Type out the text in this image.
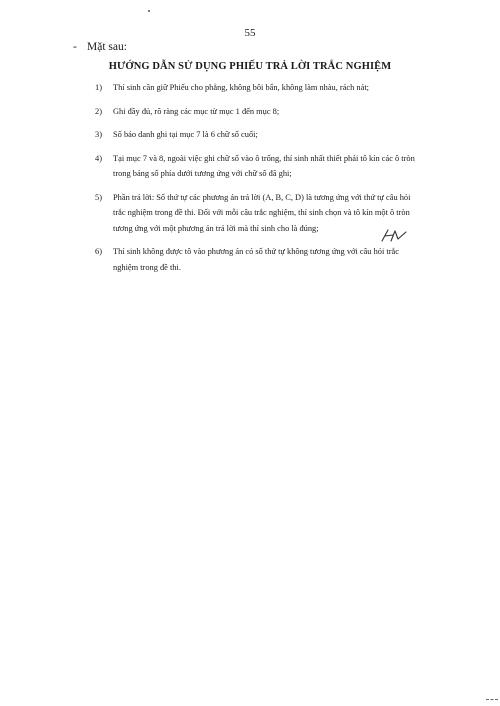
55
- Mặt sau:
HƯỚNG DẪN SỬ DỤNG PHIẾU TRẢ LỜI TRẮC NGHIỆM
1) Thí sinh cần giữ Phiếu cho phẳng, không bôi bẩn, không làm nhàu, rách nát;
2) Ghi đầy đủ, rõ ràng các mục từ mục 1 đến mục 8;
3) Số báo danh ghi tại mục 7 là 6 chữ số cuối;
4) Tại mục 7 và 8, ngoài việc ghi chữ số vào ô trống, thí sinh nhất thiết phải tô kín các ô tròn trong bảng số phía dưới tương ứng với chữ số đã ghi;
5) Phần trả lời: Số thứ tự các phương án trả lời (A, B, C, D) là tương ứng với thứ tự câu hỏi trắc nghiệm trong đề thi. Đối với mỗi câu trắc nghiệm, thí sinh chọn và tô kín một ô tròn tương ứng với một phương án trả lời mà thí sinh cho là đúng;
6) Thí sinh không được tô vào phương án có số thứ tự không tương ứng với câu hỏi trắc nghiệm trong đề thi.
